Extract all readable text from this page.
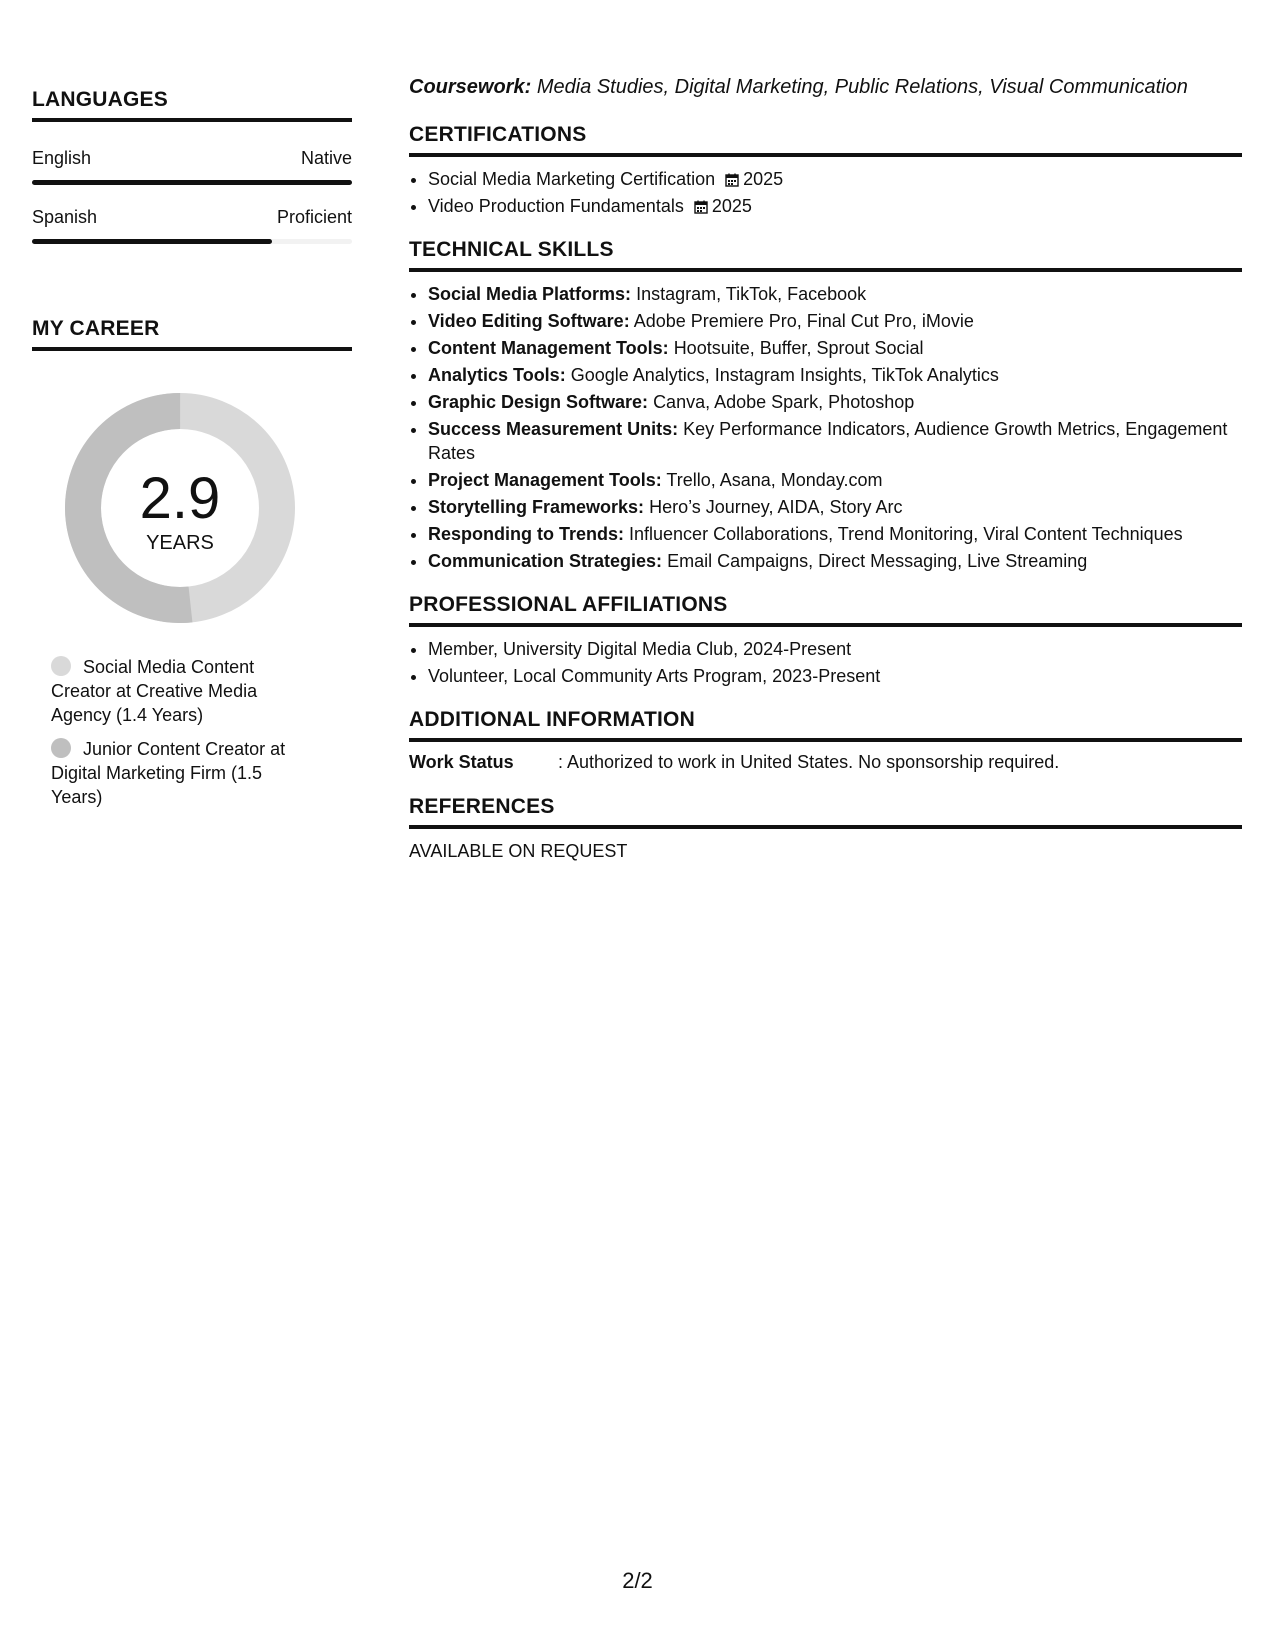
LANGUAGES
English	Native
Spanish	Proficient
MY CAREER
2.9
YEARS
Social Media Content Creator at Creative Media Agency (1.4 Years)
Junior Content Creator at Digital Marketing Firm (1.5 Years)

Coursework: Media Studies, Digital Marketing, Public Relations, Visual Communication

CERTIFICATIONS
• Social Media Marketing Certification 2025
• Video Production Fundamentals 2025
TECHNICAL SKILLS
• Social Media Platforms: Instagram, TikTok, Facebook
• Video Editing Software: Adobe Premiere Pro, Final Cut Pro, iMovie
• Content Management Tools: Hootsuite, Buffer, Sprout Social
• Analytics Tools: Google Analytics, Instagram Insights, TikTok Analytics
• Graphic Design Software: Canva, Adobe Spark, Photoshop
• Success Measurement Units: Key Performance Indicators, Audience Growth Metrics, Engagement Rates
• Project Management Tools: Trello, Asana, Monday.com
• Storytelling Frameworks: Hero’s Journey, AIDA, Story Arc
• Responding to Trends: Influencer Collaborations, Trend Monitoring, Viral Content Techniques
• Communication Strategies: Email Campaigns, Direct Messaging, Live Streaming
PROFESSIONAL AFFILIATIONS
• Member, University Digital Media Club, 2024-Present
• Volunteer, Local Community Arts Program, 2023-Present
ADDITIONAL INFORMATION
Work Status	: Authorized to work in United States. No sponsorship required.
REFERENCES
AVAILABLE ON REQUEST
2/2
